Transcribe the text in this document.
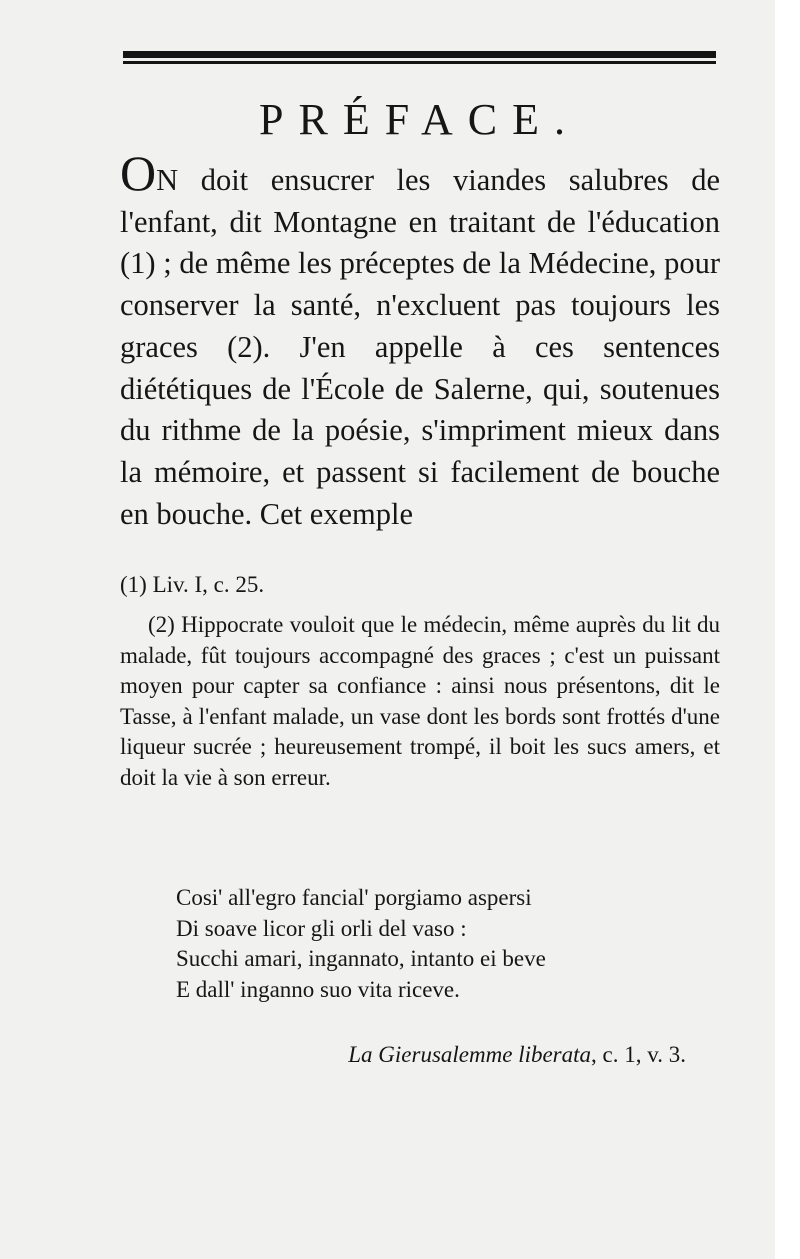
PRÉFACE.

ON doit ensucrer les viandes salubres de l'enfant, dit Montagne en traitant de l'éducation (1) ; de même les préceptes de la Médecine, pour conserver la santé, n'excluent pas toujours les graces (2). J'en appelle à ces sentences diététiques de l'École de Salerne, qui, soutenues du rithme de la poésie, s'impriment mieux dans la mémoire, et passent si facilement de bouche en bouche. Cet exemple

(1) Liv. I, c. 25.

(2) Hippocrate vouloit que le médecin, même auprès du lit du malade, fût toujours accompagné des graces ; c'est un puissant moyen pour capter sa confiance : ainsi nous présentons, dit le Tasse, à l'enfant malade, un vase dont les bords sont frottés d'une liqueur sucrée ; heureusement trompé, il boit les sucs amers, et doit la vie à son erreur.

Cosi' all'egro fancial' porgiamo aspersi
Di soave licor gli orli del vaso :
Succhi amari, ingannato, intanto ei beve
E dall' inganno suo vita riceve.

La Gierusalemme liberata, c. 1, v. 3.
